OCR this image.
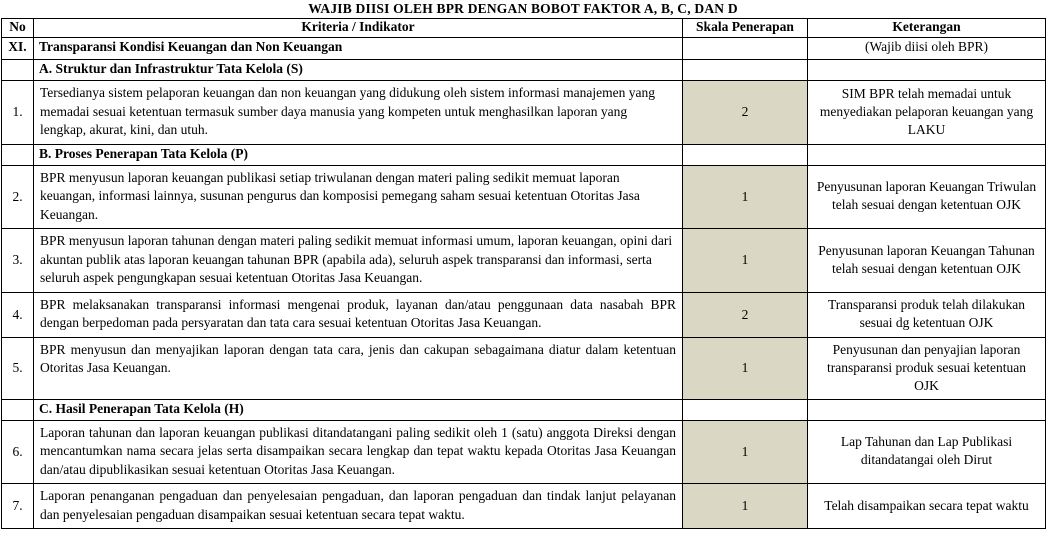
WAJIB DIISI OLEH BPR DENGAN BOBOT FAKTOR A, B, C, DAN D
No	Kriteria / Indikator	Skala Penerapan	Keterangan
XI.	Transparansi Kondisi Keuangan dan Non Keuangan		(Wajib diisi oleh BPR)
	A. Struktur dan Infrastruktur Tata Kelola (S)		
1.	Tersedianya sistem pelaporan keuangan dan non keuangan yang didukung oleh sistem informasi manajemen yang memadai sesuai ketentuan termasuk sumber daya manusia yang kompeten untuk menghasilkan laporan yang lengkap, akurat, kini, dan utuh.	2	SIM BPR telah memadai untuk menyediakan pelaporan keuangan yang LAKU
	B. Proses Penerapan Tata Kelola (P)		
2.	BPR menyusun laporan keuangan publikasi setiap triwulanan dengan materi paling sedikit memuat laporan keuangan, informasi lainnya, susunan pengurus dan komposisi pemegang saham sesuai ketentuan Otoritas Jasa Keuangan.	1	Penyusunan laporan Keuangan Triwulan telah sesuai dengan ketentuan OJK
3.	BPR menyusun laporan tahunan dengan materi paling sedikit memuat informasi umum, laporan keuangan, opini dari akuntan publik atas laporan keuangan tahunan BPR (apabila ada), seluruh aspek transparansi dan informasi, serta seluruh aspek pengungkapan sesuai ketentuan Otoritas Jasa Keuangan.	1	Penyusunan laporan Keuangan Tahunan telah sesuai dengan ketentuan OJK
4.	BPR melaksanakan transparansi informasi mengenai produk, layanan dan/atau penggunaan data nasabah BPR dengan berpedoman pada persyaratan dan tata cara sesuai ketentuan Otoritas Jasa Keuangan.	2	Transparansi produk telah dilakukan sesuai dg ketentuan OJK
5.	BPR menyusun dan menyajikan laporan dengan tata cara, jenis dan cakupan sebagaimana diatur dalam ketentuan Otoritas Jasa Keuangan.	1	Penyusunan dan penyajian laporan transparansi produk sesuai ketentuan OJK
	C. Hasil Penerapan Tata Kelola (H)		
6.	Laporan tahunan dan laporan keuangan publikasi ditandatangani paling sedikit oleh 1 (satu) anggota Direksi dengan mencantumkan nama secara jelas serta disampaikan secara lengkap dan tepat waktu kepada Otoritas Jasa Keuangan dan/atau dipublikasikan sesuai ketentuan Otoritas Jasa Keuangan.	1	Lap Tahunan dan Lap Publikasi ditandatangai oleh Dirut
7.	Laporan penanganan pengaduan dan penyelesaian pengaduan, dan laporan pengaduan dan tindak lanjut pelayanan dan penyelesaian pengaduan disampaikan sesuai ketentuan secara tepat waktu.	1	Telah disampaikan secara tepat waktu
